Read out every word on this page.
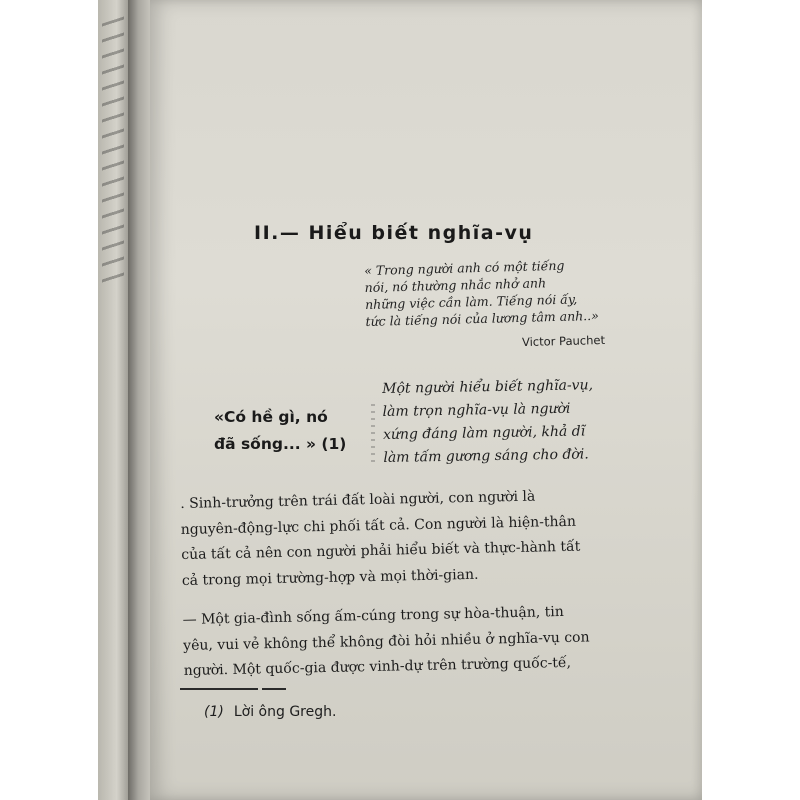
II.— Hiểu biết nghĩa-vụ

« Trong người anh có một tiếng

nói, nó thường nhắc nhở anh

những việc cần làm. Tiếng nói ấy,

tức là tiếng nói của lương tâm anh..»

Victor Pauchet

«Có hề gì, nó

đã sống... » (1)

Một người hiểu biết nghĩa-vụ,

làm trọn nghĩa-vụ là người

xứng đáng làm người, khả dĩ

làm tấm gương sáng cho đời.

. Sinh-trưởng trên trái đất loài người, con người là

nguyên-động-lực chi phối tất cả. Con người là hiện-thân

của tất cả nên con người phải hiểu biết và thực-hành tất

cả trong mọi trường-hợp và mọi thời-gian.

— Một gia-đình sống ấm-cúng trong sự hòa-thuận, tin

yêu, vui vẻ không thể không đòi hỏi nhiều ở nghĩa-vụ con

người. Một quốc-gia được vinh-dự trên trường quốc-tế,

(1) Lời ông Gregh.
